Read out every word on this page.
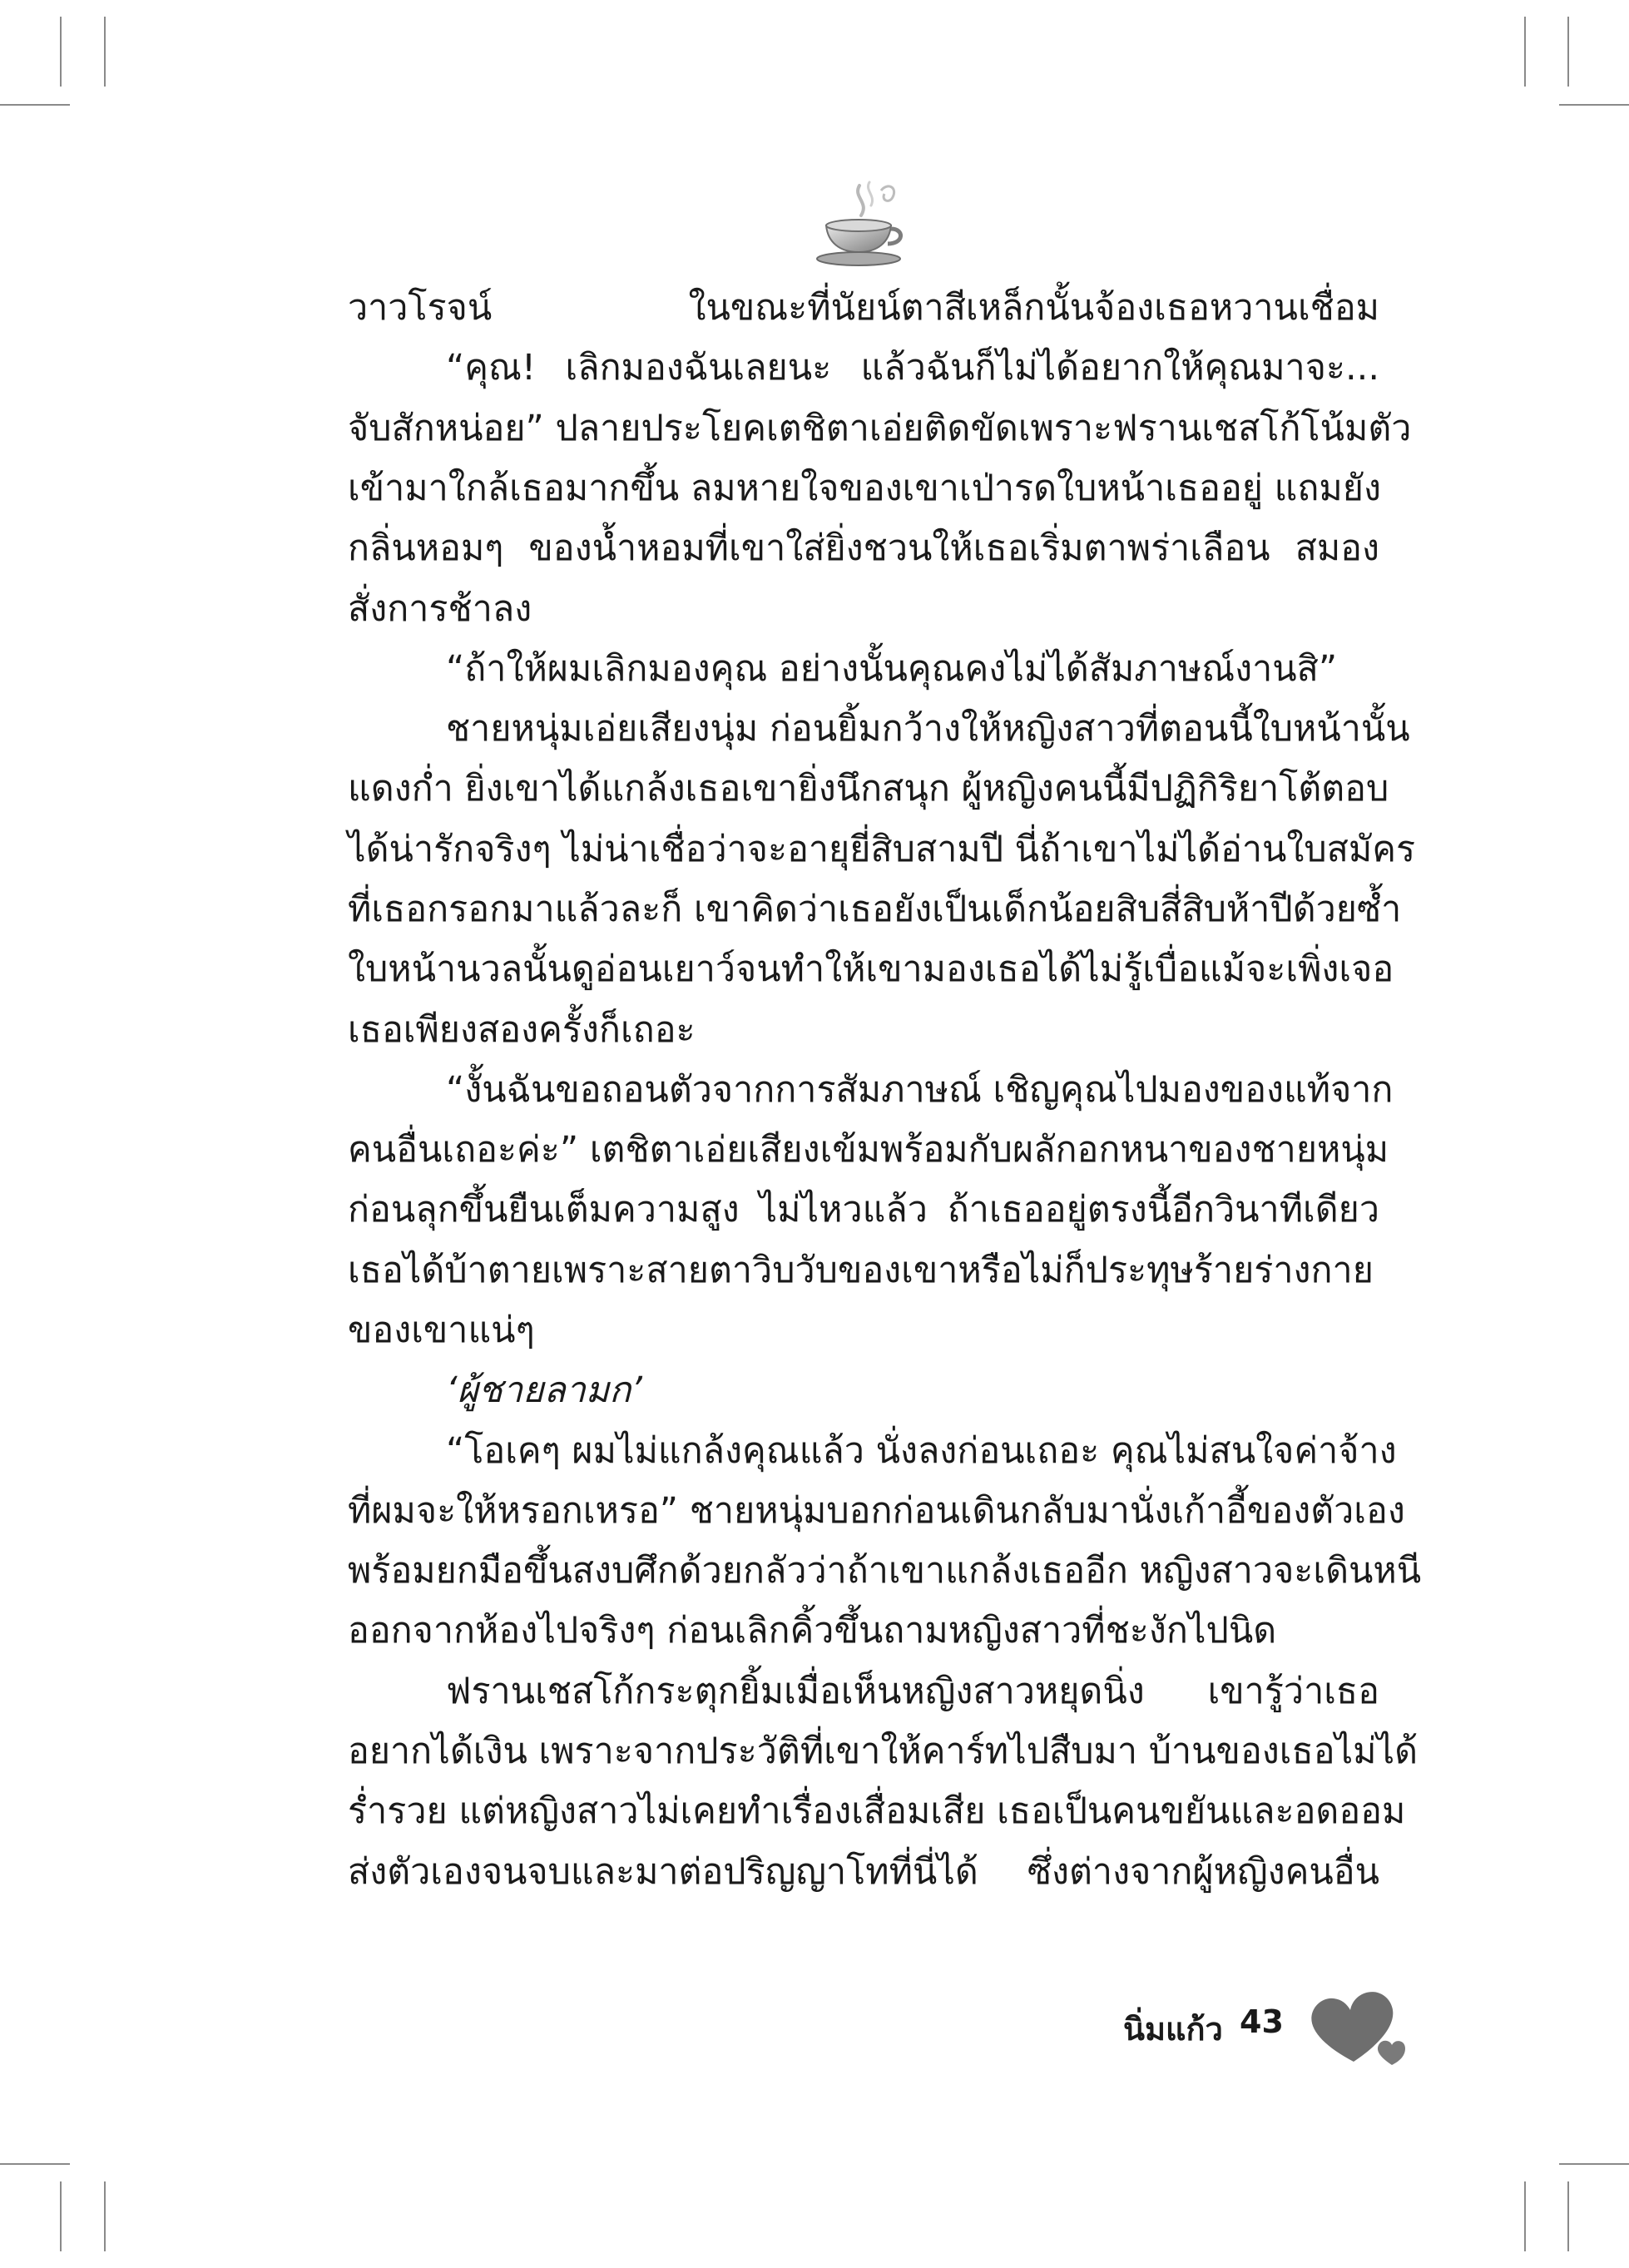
วาวโรจน์ ในขณะที่นัยน์ตาสีเหล็กนั้นจ้องเธอหวานเชื่อม
“คุณ! เลิกมองฉันเลยนะ แล้วฉันก็ไม่ได้อยากให้คุณมาจะ...
จับสักหน่อย” ปลายประโยคเตชิตาเอ่ยติดขัดเพราะฟรานเชสโก้โน้มตัว
เข้ามาใกล้เธอมากขึ้น ลมหายใจของเขาเป่ารดใบหน้าเธออยู่ แถมยัง
กลิ่นหอมๆ ของน้ำหอมที่เขาใส่ยิ่งชวนให้เธอเริ่มตาพร่าเลือน สมอง
สั่งการช้าลง
“ถ้าให้ผมเลิกมองคุณ อย่างนั้นคุณคงไม่ได้สัมภาษณ์งานสิ”
ชายหนุ่มเอ่ยเสียงนุ่ม ก่อนยิ้มกว้างให้หญิงสาวที่ตอนนี้ใบหน้านั้น
แดงก่ำ ยิ่งเขาได้แกล้งเธอเขายิ่งนึกสนุก ผู้หญิงคนนี้มีปฏิกิริยาโต้ตอบ
ได้น่ารักจริงๆ ไม่น่าเชื่อว่าจะอายุยี่สิบสามปี นี่ถ้าเขาไม่ได้อ่านใบสมัคร
ที่เธอกรอกมาแล้วละก็ เขาคิดว่าเธอยังเป็นเด็กน้อยสิบสี่สิบห้าปีด้วยซ้ำ
ใบหน้านวลนั้นดูอ่อนเยาว์จนทำให้เขามองเธอได้ไม่รู้เบื่อแม้จะเพิ่งเจอ
เธอเพียงสองครั้งก็เถอะ
“งั้นฉันขอถอนตัวจากการสัมภาษณ์ เชิญคุณไปมองของแท้จาก
คนอื่นเถอะค่ะ” เตชิตาเอ่ยเสียงเข้มพร้อมกับผลักอกหนาของชายหนุ่ม
ก่อนลุกขึ้นยืนเต็มความสูง ไม่ไหวแล้ว ถ้าเธออยู่ตรงนี้อีกวินาทีเดียว
เธอได้บ้าตายเพราะสายตาวิบวับของเขาหรือไม่ก็ประทุษร้ายร่างกาย
ของเขาแน่ๆ
‘ผู้ชายลามก’
“โอเคๆ ผมไม่แกล้งคุณแล้ว นั่งลงก่อนเถอะ คุณไม่สนใจค่าจ้าง
ที่ผมจะให้หรอกเหรอ” ชายหนุ่มบอกก่อนเดินกลับมานั่งเก้าอี้ของตัวเอง
พร้อมยกมือขึ้นสงบศึกด้วยกลัวว่าถ้าเขาแกล้งเธออีก หญิงสาวจะเดินหนี
ออกจากห้องไปจริงๆ ก่อนเลิกคิ้วขึ้นถามหญิงสาวที่ชะงักไปนิด
ฟรานเชสโก้กระตุกยิ้มเมื่อเห็นหญิงสาวหยุดนิ่ง เขารู้ว่าเธอ
อยากได้เงิน เพราะจากประวัติที่เขาให้คาร์ทไปสืบมา บ้านของเธอไม่ได้
ร่ำรวย แต่หญิงสาวไม่เคยทำเรื่องเสื่อมเสีย เธอเป็นคนขยันและอดออม
ส่งตัวเองจนจบและมาต่อปริญญาโทที่นี่ได้ ซึ่งต่างจากผู้หญิงคนอื่น
นิ่มแก้ว 43
